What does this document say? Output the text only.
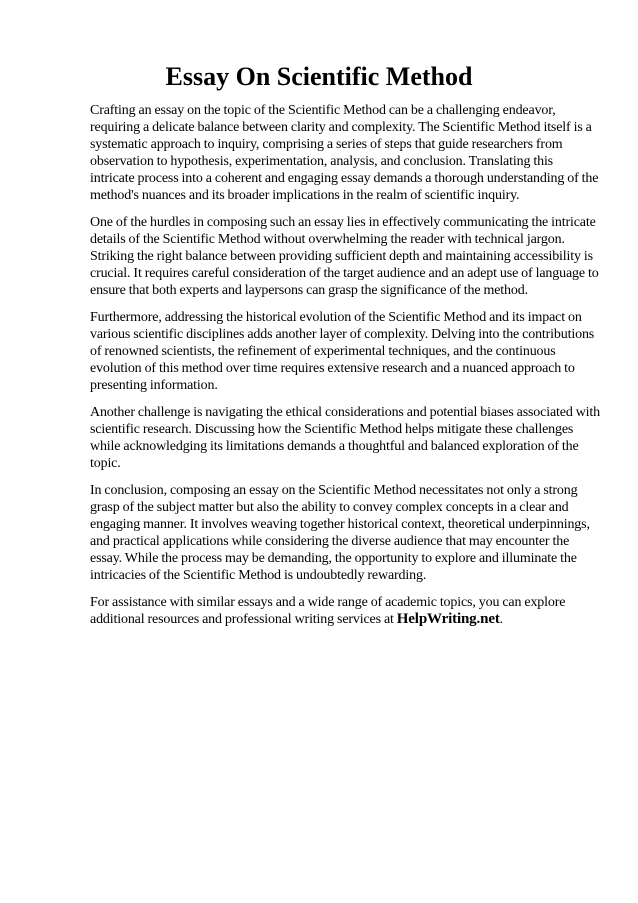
Essay On Scientific Method

Crafting an essay on the topic of the Scientific Method can be a challenging endeavor, requiring a delicate balance between clarity and complexity. The Scientific Method itself is a systematic approach to inquiry, comprising a series of steps that guide researchers from observation to hypothesis, experimentation, analysis, and conclusion. Translating this intricate process into a coherent and engaging essay demands a thorough understanding of the method's nuances and its broader implications in the realm of scientific inquiry.

One of the hurdles in composing such an essay lies in effectively communicating the intricate details of the Scientific Method without overwhelming the reader with technical jargon. Striking the right balance between providing sufficient depth and maintaining accessibility is crucial. It requires careful consideration of the target audience and an adept use of language to ensure that both experts and laypersons can grasp the significance of the method.

Furthermore, addressing the historical evolution of the Scientific Method and its impact on various scientific disciplines adds another layer of complexity. Delving into the contributions of renowned scientists, the refinement of experimental techniques, and the continuous evolution of this method over time requires extensive research and a nuanced approach to presenting information.

Another challenge is navigating the ethical considerations and potential biases associated with scientific research. Discussing how the Scientific Method helps mitigate these challenges while acknowledging its limitations demands a thoughtful and balanced exploration of the topic.

In conclusion, composing an essay on the Scientific Method necessitates not only a strong grasp of the subject matter but also the ability to convey complex concepts in a clear and engaging manner. It involves weaving together historical context, theoretical underpinnings, and practical applications while considering the diverse audience that may encounter the essay. While the process may be demanding, the opportunity to explore and illuminate the intricacies of the Scientific Method is undoubtedly rewarding.

For assistance with similar essays and a wide range of academic topics, you can explore additional resources and professional writing services at HelpWriting.net.
